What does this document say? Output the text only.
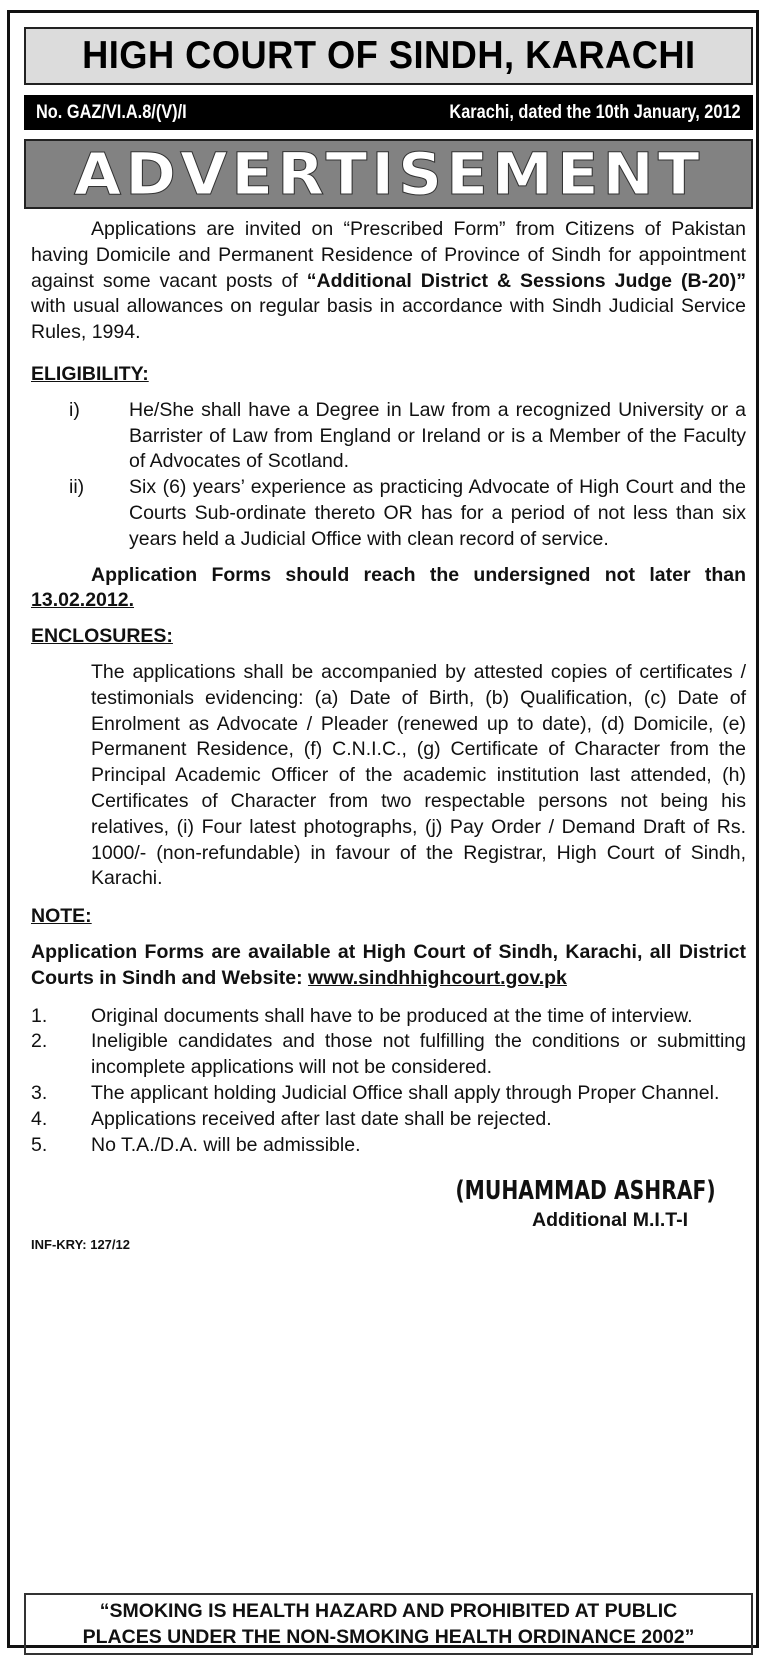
HIGH COURT OF SINDH, KARACHI
No. GAZ/VI.A.8/(V)/I	Karachi, dated the 10th January, 2012
ADVERTISEMENT

Applications are invited on “Prescribed Form” from Citizens of Pakistan having Domicile and Permanent Residence of Province of Sindh for appointment against some vacant posts of “Additional District & Sessions Judge (B-20)” with usual allowances on regular basis in accordance with Sindh Judicial Service Rules, 1994.

ELIGIBILITY:

i)	He/She shall have a Degree in Law from a recognized University or a Barrister of Law from England or Ireland or is a Member of the Faculty of Advocates of Scotland.
ii)	Six (6) years’ experience as practicing Advocate of High Court and the Courts Sub-ordinate thereto OR has for a period of not less than six years held a Judicial Office with clean record of service.

Application Forms should reach the undersigned not later than 13.02.2012.

ENCLOSURES:

The applications shall be accompanied by attested copies of certificates / testimonials evidencing: (a) Date of Birth, (b) Qualification, (c) Date of Enrolment as Advocate / Pleader (renewed up to date), (d) Domicile, (e) Permanent Residence, (f) C.N.I.C., (g) Certificate of Character from the Principal Academic Officer of the academic institution last attended, (h) Certificates of Character from two respectable persons not being his relatives, (i) Four latest photographs, (j) Pay Order / Demand Draft of Rs. 1000/- (non-refundable) in favour of the Registrar, High Court of Sindh, Karachi.

NOTE:

Application Forms are available at High Court of Sindh, Karachi, all District Courts in Sindh and Website: www.sindhhighcourt.gov.pk

1.	Original documents shall have to be produced at the time of interview.
2.	Ineligible candidates and those not fulfilling the conditions or submitting incomplete applications will not be considered.
3.	The applicant holding Judicial Office shall apply through Proper Channel.
4.	Applications received after last date shall be rejected.
5.	No T.A./D.A. will be admissible.
(MUHAMMAD ASHRAF)
Additional M.I.T-I
INF-KRY: 127/12
“SMOKING IS HEALTH HAZARD AND PROHIBITED AT PUBLIC
PLACES UNDER THE NON-SMOKING HEALTH ORDINANCE 2002”
